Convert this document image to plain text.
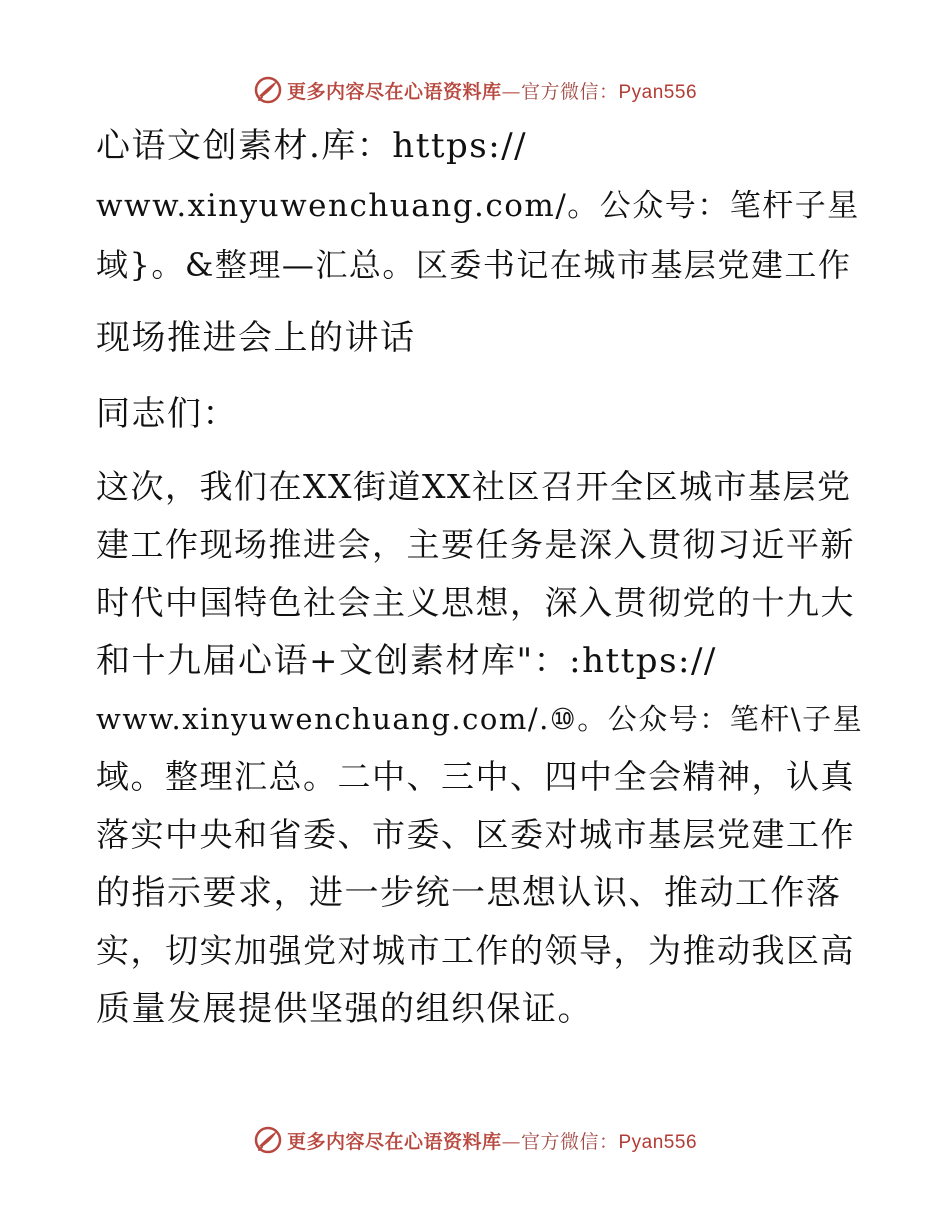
更多内容尽在心语资料库—官方微信：Pyan556
心语文创素材.库：https://
www.xinyuwenchuang.com/。公众号：笔杆子星
域}。&整理—汇总。区委书记在城市基层党建工作
现场推进会上的讲话
同志们：
这次，我们在XX街道XX社区召开全区城市基层党
建工作现场推进会，主要任务是深入贯彻习近平新
时代中国特色社会主义思想，深入贯彻党的十九大
和十九届心语+文创素材库"：:https://
www.xinyuwenchuang.com/.⑩。公众号：笔杆\子星
域。整理汇总。二中、三中、四中全会精神，认真
落实中央和省委、市委、区委对城市基层党建工作
的指示要求，进一步统一思想认识、推动工作落
实，切实加强党对城市工作的领导，为推动我区高
质量发展提供坚强的组织保证。
更多内容尽在心语资料库—官方微信：Pyan556
